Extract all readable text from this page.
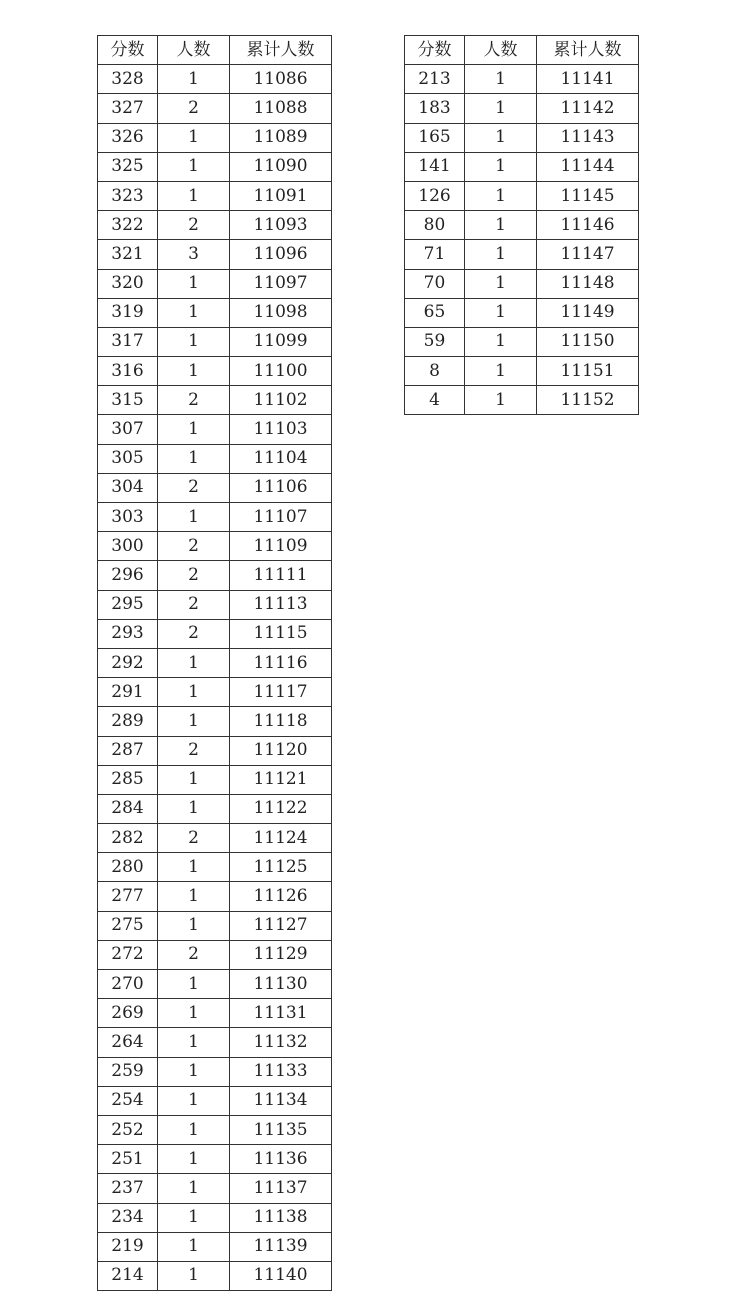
分数	人数	累计人数
328	1	11086
327	2	11088
326	1	11089
325	1	11090
323	1	11091
322	2	11093
321	3	11096
320	1	11097
319	1	11098
317	1	11099
316	1	11100
315	2	11102
307	1	11103
305	1	11104
304	2	11106
303	1	11107
300	2	11109
296	2	11111
295	2	11113
293	2	11115
292	1	11116
291	1	11117
289	1	11118
287	2	11120
285	1	11121
284	1	11122
282	2	11124
280	1	11125
277	1	11126
275	1	11127
272	2	11129
270	1	11130
269	1	11131
264	1	11132
259	1	11133
254	1	11134
252	1	11135
251	1	11136
237	1	11137
234	1	11138
219	1	11139
214	1	11140
分数	人数	累计人数
213	1	11141
183	1	11142
165	1	11143
141	1	11144
126	1	11145
80	1	11146
71	1	11147
70	1	11148
65	1	11149
59	1	11150
8	1	11151
4	1	11152
